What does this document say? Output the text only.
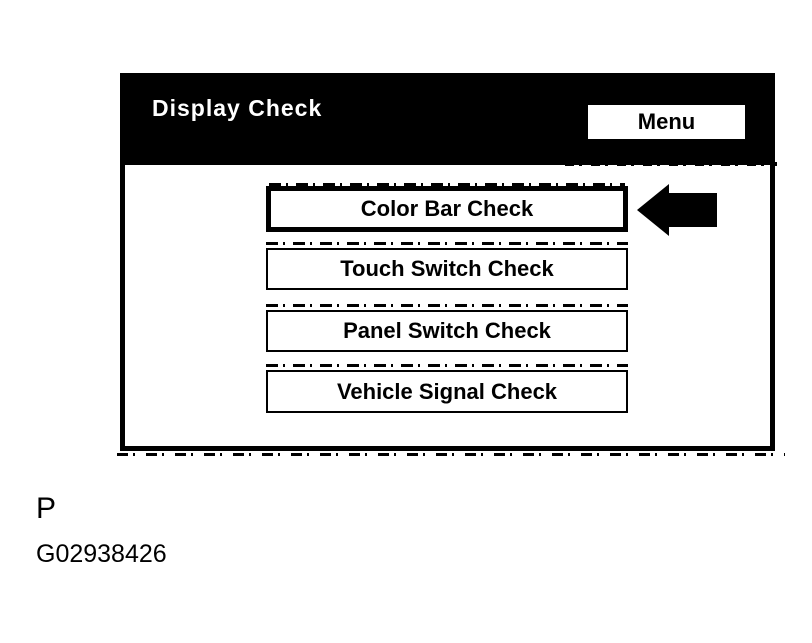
Display Check
Menu
Color Bar Check
Touch Switch Check
Panel Switch Check
Vehicle Signal Check
P
G02938426
